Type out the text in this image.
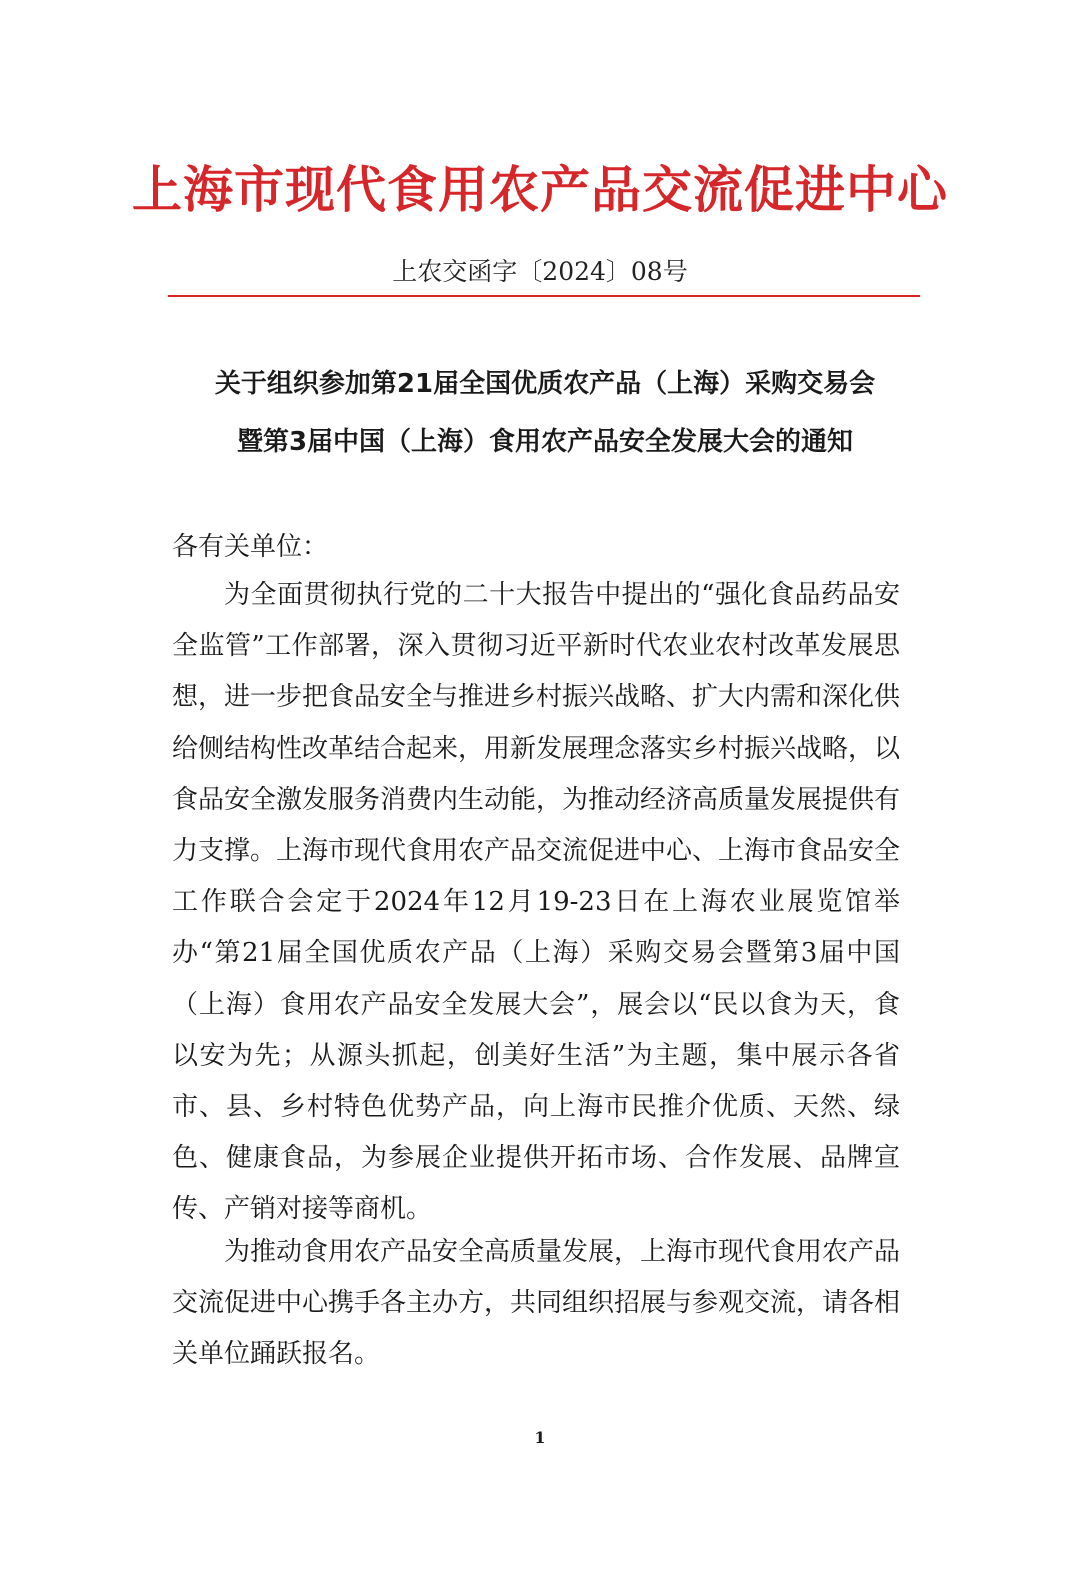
上海市现代食用农产品交流促进中心
上农交函字〔2024〕08号
关于组织参加第21届全国优质农产品（上海）采购交易会
暨第3届中国（上海）食用农产品安全发展大会的通知
各有关单位：
为全面贯彻执行党的二十大报告中提出的“强化食品药品安全监管”工作部署，深入贯彻习近平新时代农业农村改革发展思想，进一步把食品安全与推进乡村振兴战略、扩大内需和深化供给侧结构性改革结合起来，用新发展理念落实乡村振兴战略，以食品安全激发服务消费内生动能，为推动经济高质量发展提供有力支撑。上海市现代食用农产品交流促进中心、上海市食品安全工作联合会定于2024年12月19-23日在上海农业展览馆举办“第21届全国优质农产品（上海）采购交易会暨第3届中国（上海）食用农产品安全发展大会”，展会以“民以食为天，食以安为先；从源头抓起，创美好生活”为主题，集中展示各省市、县、乡村特色优势产品，向上海市民推介优质、天然、绿色、健康食品，为参展企业提供开拓市场、合作发展、品牌宣传、产销对接等商机。
为推动食用农产品安全高质量发展，上海市现代食用农产品交流促进中心携手各主办方，共同组织招展与参观交流，请各相关单位踊跃报名。
1
